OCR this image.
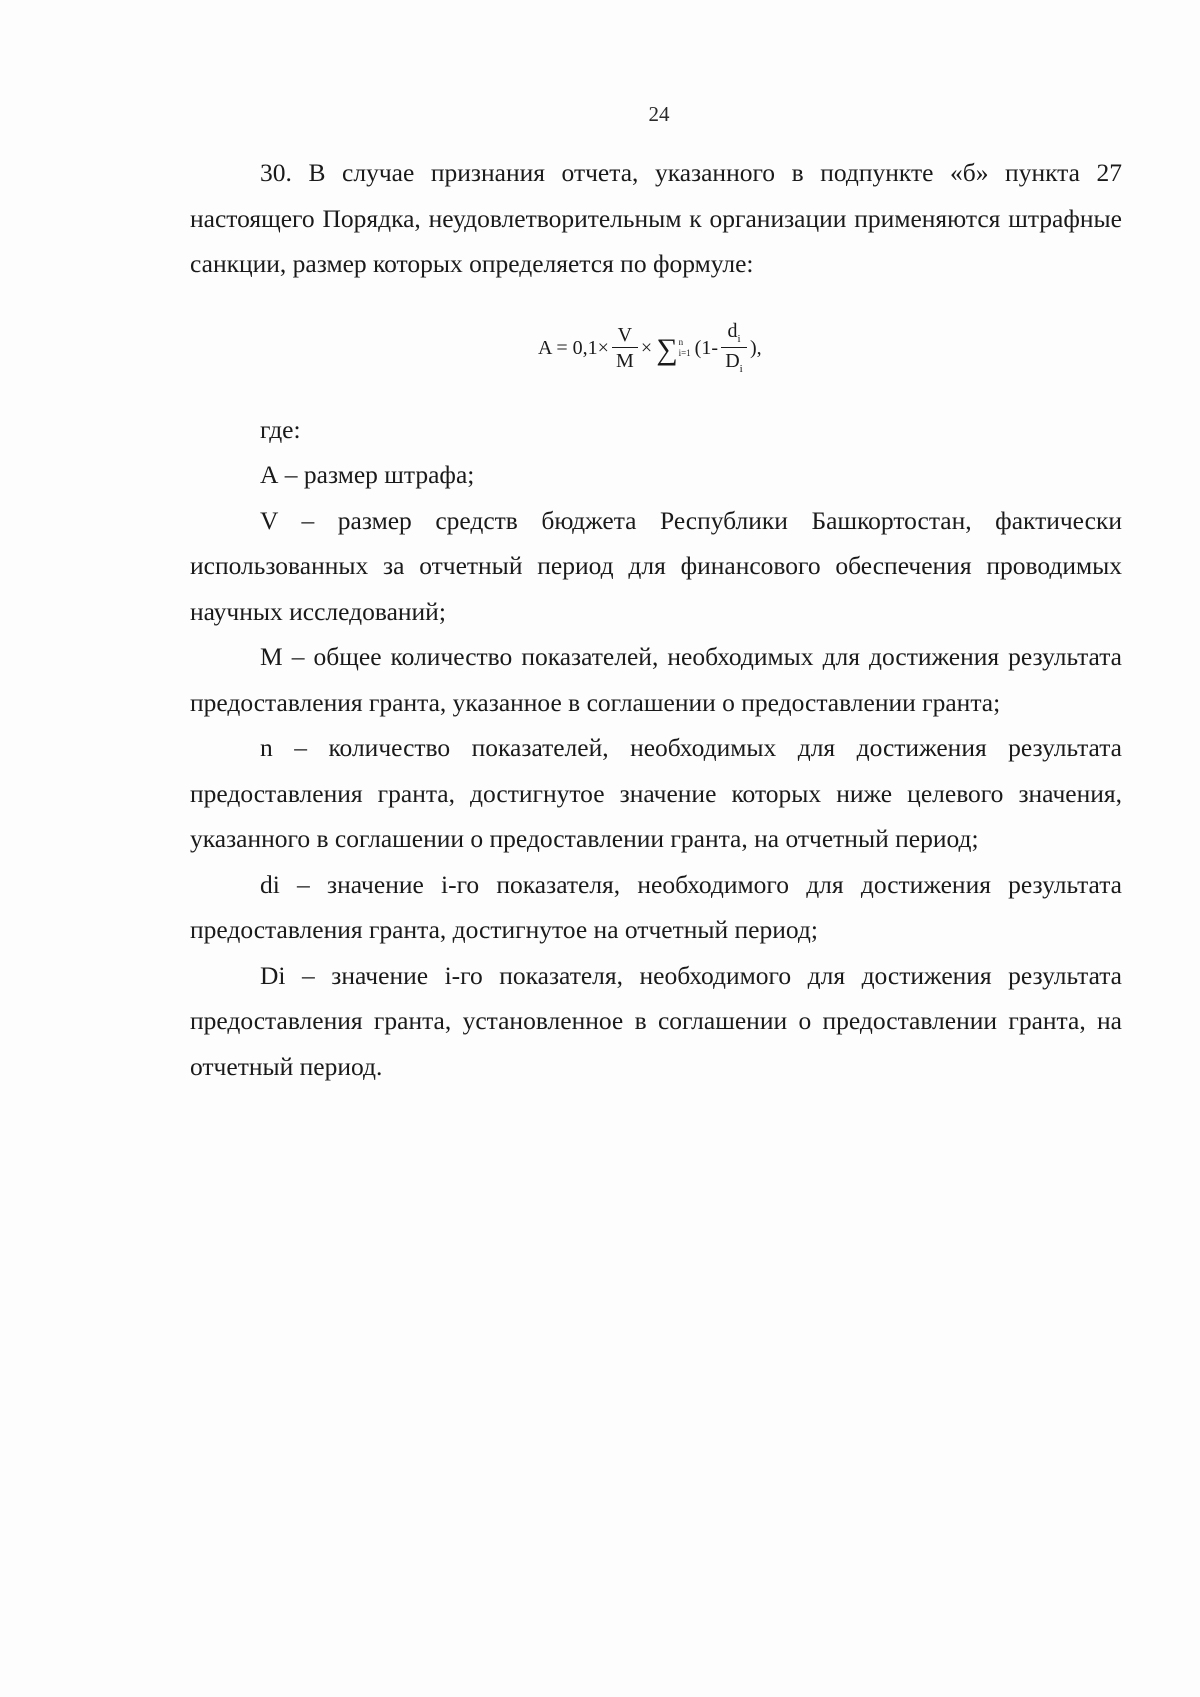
24

30. В случае признания отчета, указанного в подпункте «б» пункта 27 настоящего Порядка, неудовлетворительным к организации применяются штрафные санкции, размер которых определяется по формуле:

$A = 0,1\times \frac{V}{M}$ × ∑ n
i=1 ($1- \frac{d_i}{D_i}$ ),

где:

А – размер штрафа;

V – размер средств бюджета Республики Башкортостан, фактически использованных за отчетный период для финансового обеспечения проводимых научных исследований;

М – общее количество показателей, необходимых для достижения результата предоставления гранта, указанное в соглашении о предоставлении гранта;

n – количество показателей, необходимых для достижения результата предоставления гранта, достигнутое значение которых ниже целевого значения, указанного в соглашении о предоставлении гранта, на отчетный период;

di – значение i-го показателя, необходимого для достижения результата предоставления гранта, достигнутое на отчетный период;

Di – значение i-го показателя, необходимого для достижения результата предоставления гранта, установленное в соглашении о предоставлении гранта, на отчетный период.
